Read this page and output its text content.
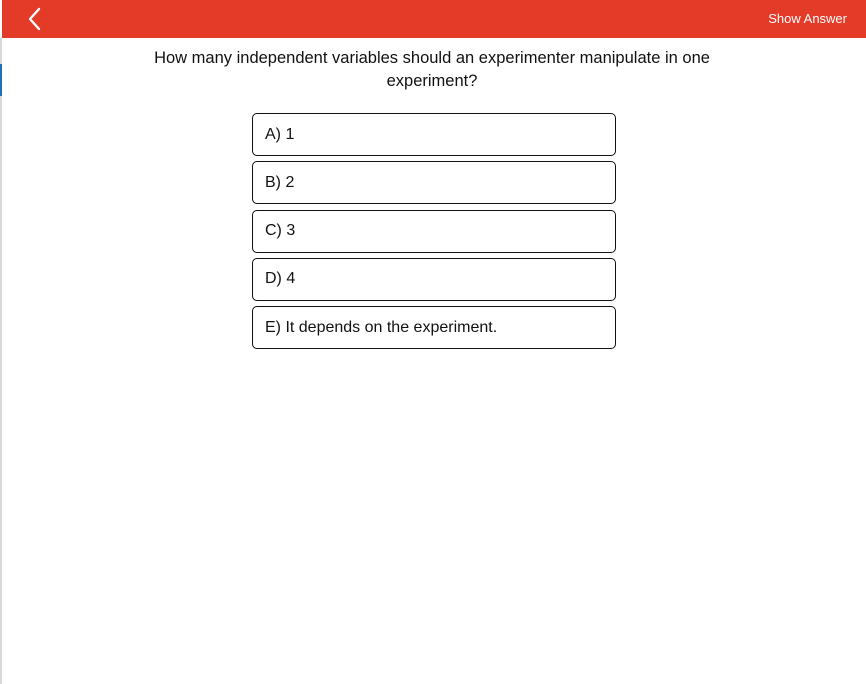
Show Answer
How many independent variables should an experimenter manipulate in one experiment?
A) 1
B) 2
C) 3
D) 4
E) It depends on the experiment.
